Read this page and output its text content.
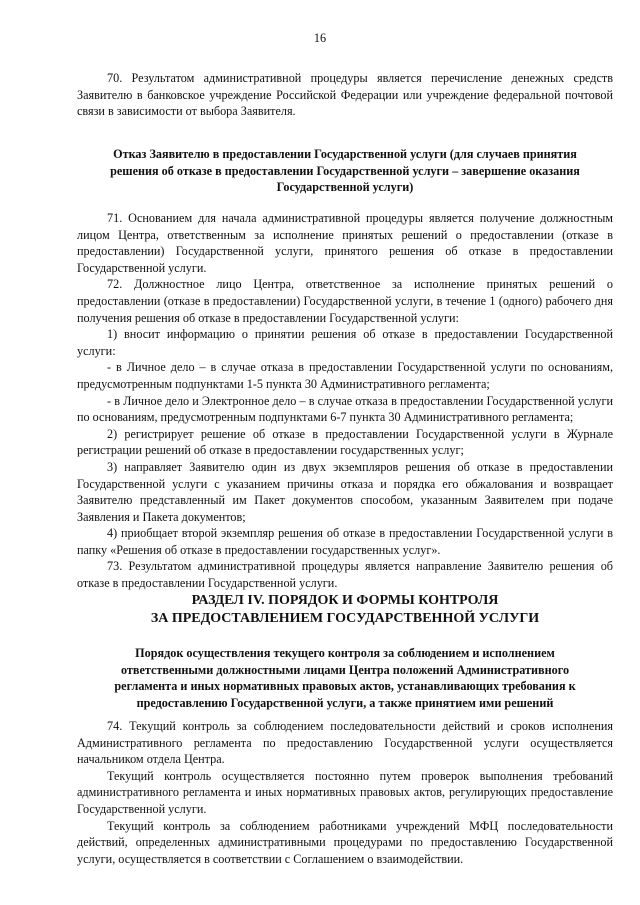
16

70. Результатом административной процедуры является перечисление денежных средств Заявителю в банковское учреждение Российской Федерации или учреждение федеральной почтовой связи в зависимости от выбора Заявителя.

Отказ Заявителю в предоставлении Государственной услуги (для случаев принятия решения об отказе в предоставлении Государственной услуги – завершение оказания Государственной услуги)

71. Основанием для начала административной процедуры является получение должностным лицом Центра, ответственным за исполнение принятых решений о предоставлении (отказе в предоставлении) Государственной услуги, принятого решения об отказе в предоставлении Государственной услуги.

72. Должностное лицо Центра, ответственное за исполнение принятых решений о предоставлении (отказе в предоставлении) Государственной услуги, в течение 1 (одного) рабочего дня получения решения об отказе в предоставлении Государственной услуги:

1) вносит информацию о принятии решения об отказе в предоставлении Государственной услуги:

- в Личное дело – в случае отказа в предоставлении Государственной услуги по основаниям, предусмотренным подпунктами 1-5 пункта 30 Административного регламента;

- в Личное дело и Электронное дело – в случае отказа в предоставлении Государственной услуги по основаниям, предусмотренным подпунктами 6-7 пункта 30 Административного регламента;

2) регистрирует решение об отказе в предоставлении Государственной услуги в Журнале регистрации решений об отказе в предоставлении государственных услуг;

3) направляет Заявителю один из двух экземпляров решения об отказе в предоставлении Государственной услуги с указанием причины отказа и порядка его обжалования и возвращает Заявителю представленный им Пакет документов способом, указанным Заявителем при подаче Заявления и Пакета документов;

4) приобщает второй экземпляр решения об отказе в предоставлении Государственной услуги в папку «Решения об отказе в предоставлении государственных услуг».

73. Результатом административной процедуры является направление Заявителю решения об отказе в предоставлении Государственной услуги.

РАЗДЕЛ IV. ПОРЯДОК И ФОРМЫ КОНТРОЛЯ

ЗА ПРЕДОСТАВЛЕНИЕМ ГОСУДАРСТВЕННОЙ УСЛУГИ

Порядок осуществления текущего контроля за соблюдением и исполнением ответственными должностными лицами Центра положений Административного регламента и иных нормативных правовых актов, устанавливающих требования к предоставлению Государственной услуги, а также принятием ими решений

74. Текущий контроль за соблюдением последовательности действий и сроков исполнения Административного регламента по предоставлению Государственной услуги осуществляется начальником отдела Центра.

Текущий контроль осуществляется постоянно путем проверок выполнения требований административного регламента и иных нормативных правовых актов, регулирующих предоставление Государственной услуги.

Текущий контроль за соблюдением работниками учреждений МФЦ последовательности действий, определенных административными процедурами по предоставлению Государственной услуги, осуществляется в соответствии с Соглашением о взаимодействии.
